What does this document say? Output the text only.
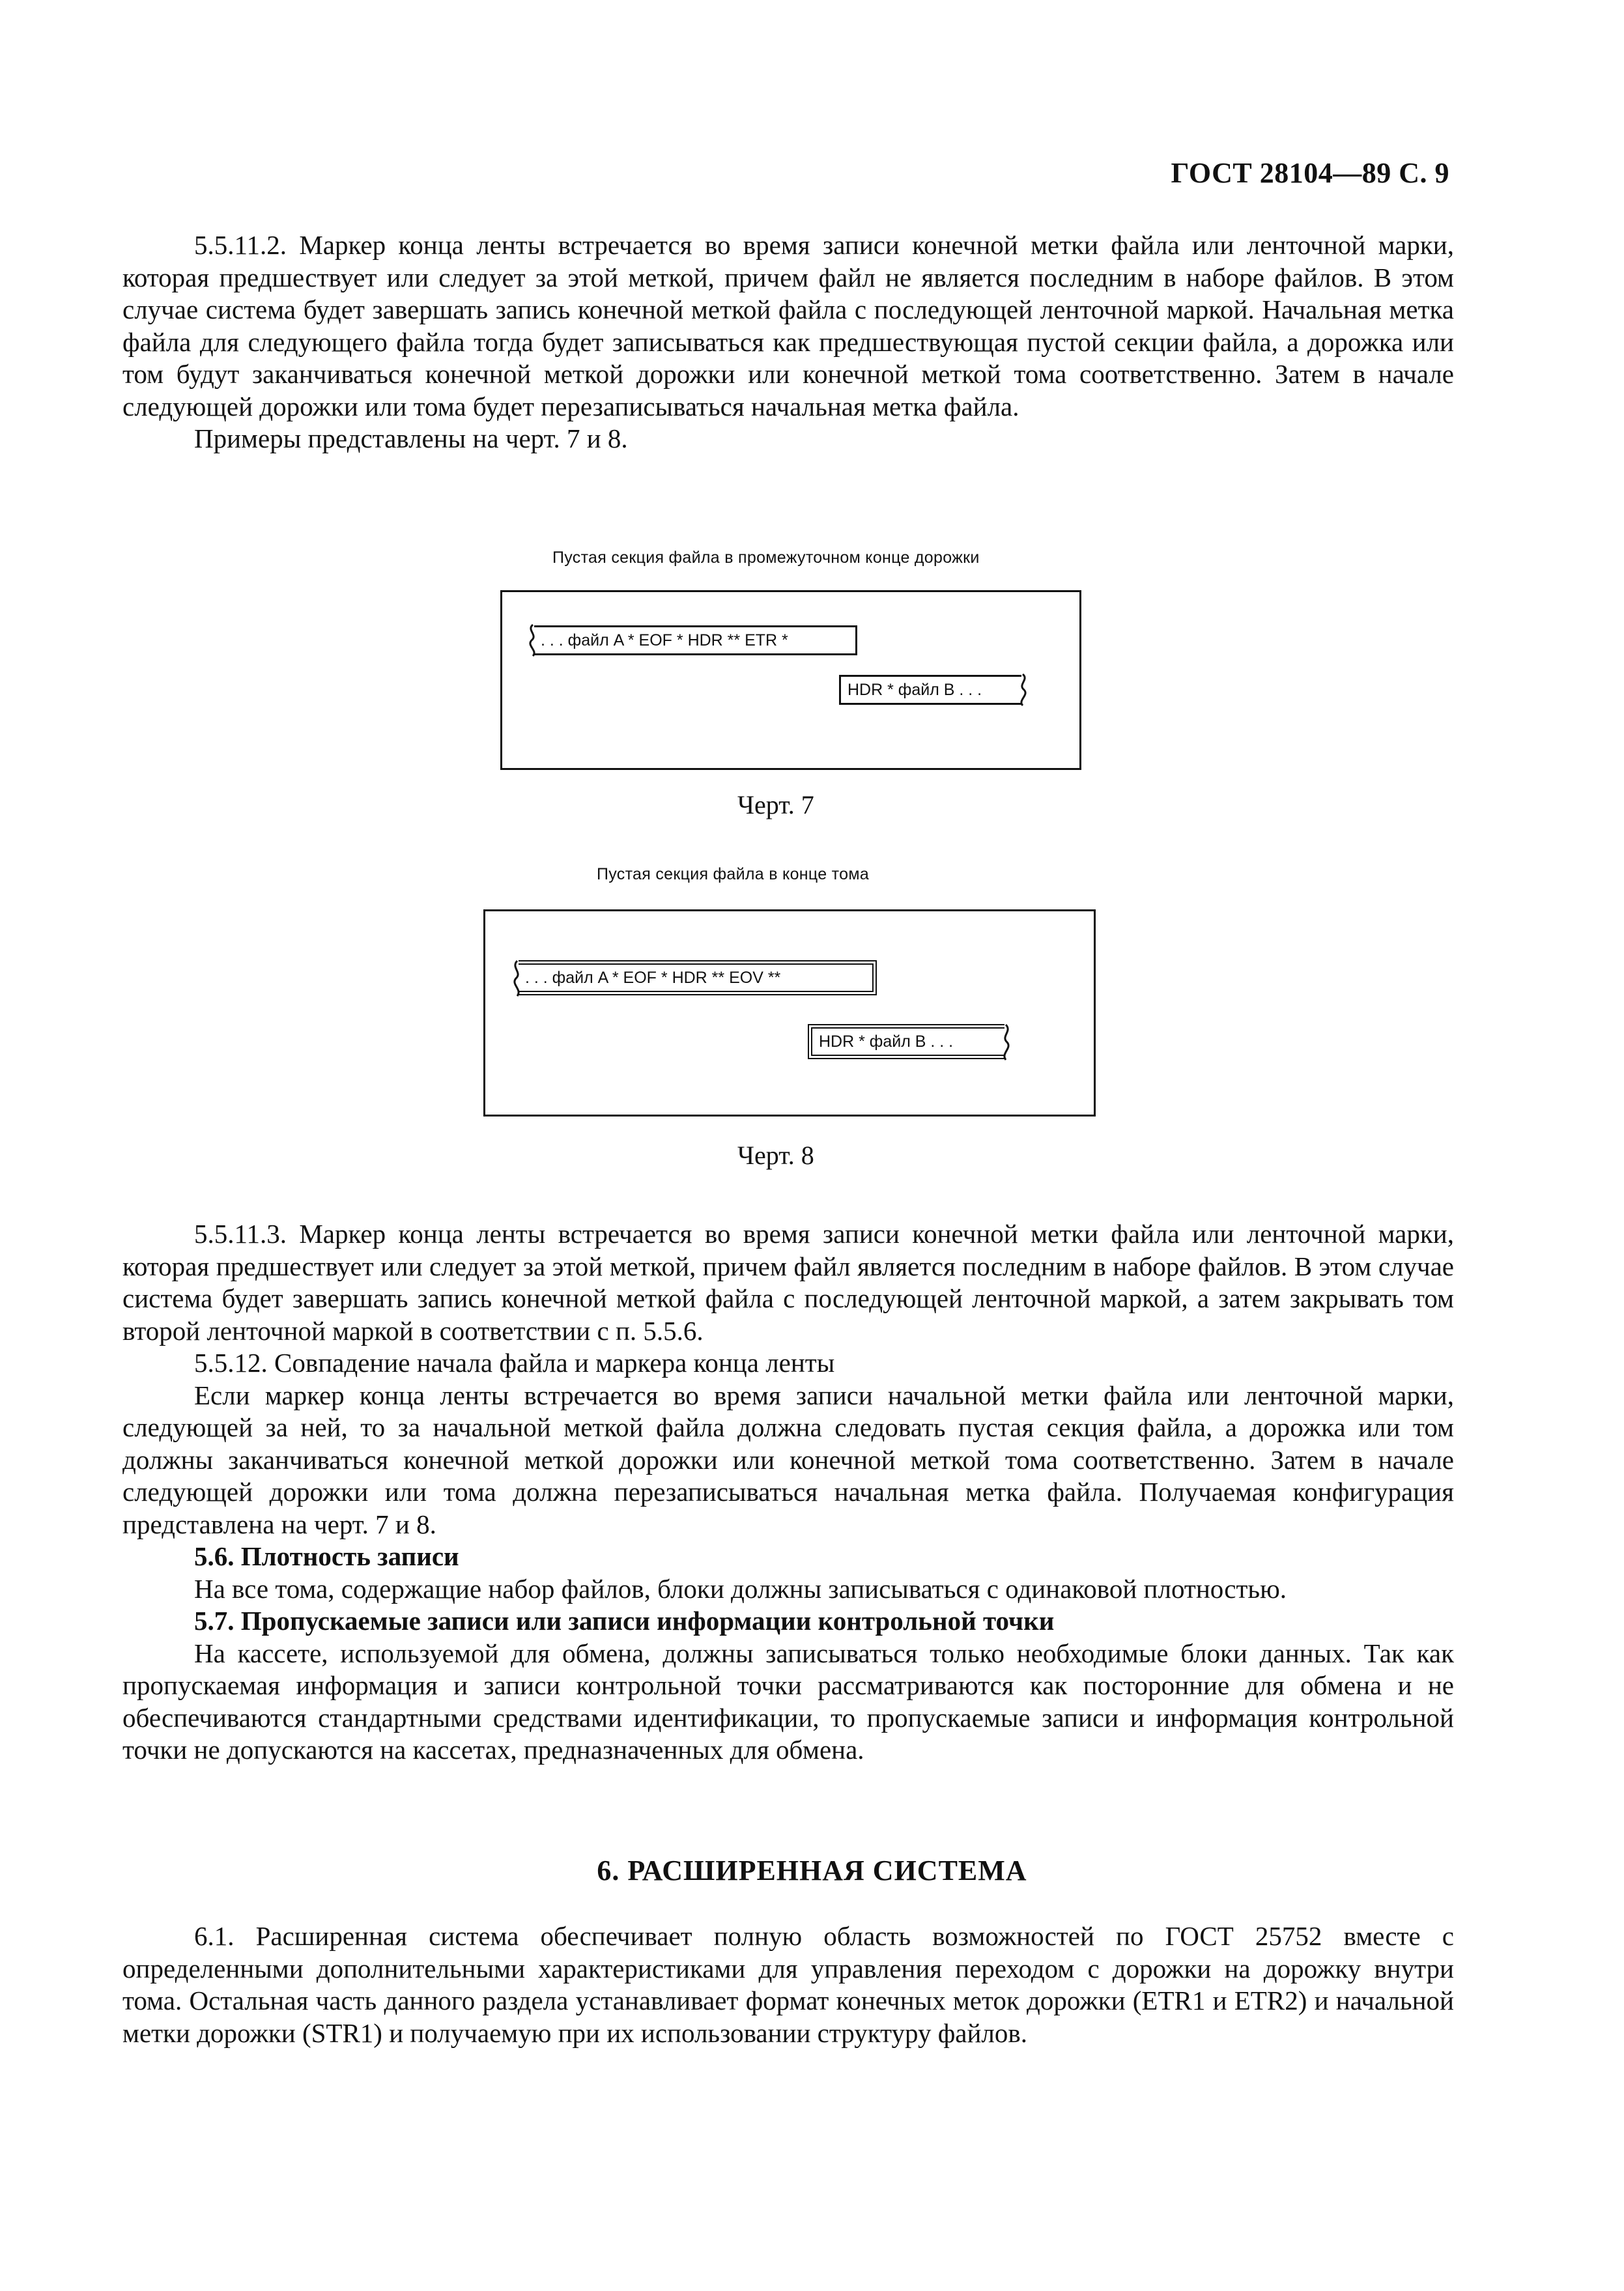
ГОСТ 28104—89 С. 9

5.5.11.2. Маркер конца ленты встречается во время записи конечной метки файла или ленточной марки, которая предшествует или следует за этой меткой, причем файл не является последним в наборе файлов. В этом случае система будет завершать запись конечной меткой файла с последующей ленточной маркой. Начальная метка файла для следующего файла тогда будет записываться как предшествующая пустой секции файла, а дорожка или том будут заканчиваться конечной меткой дорожки или конечной меткой тома соответственно. Затем в начале следующей дорожки или тома будет перезаписываться начальная метка файла.

Примеры представлены на черт. 7 и 8.

Пустая секция файла в промежуточном конце дорожки
. . . файл A * EOF * HDR ** ETR *
HDR * файл B . . .
Черт. 7
Пустая секция файла в конце тома
. . . файл A * EOF * HDR ** EOV **
HDR * файл B . . .
Черт. 8

5.5.11.3. Маркер конца ленты встречается во время записи конечной метки файла или ленточной марки, которая предшествует или следует за этой меткой, причем файл является последним в наборе файлов. В этом случае система будет завершать запись конечной меткой файла с последующей ленточной маркой, а затем закрывать том второй ленточной маркой в соответствии с п. 5.5.6.

5.5.12. Совпадение начала файла и маркера конца ленты

Если маркер конца ленты встречается во время записи начальной метки файла или ленточной марки, следующей за ней, то за начальной меткой файла должна следовать пустая секция файла, а дорожка или том должны заканчиваться конечной меткой дорожки или конечной меткой тома соответственно. Затем в начале следующей дорожки или тома должна перезаписываться начальная метка файла. Получаемая конфигурация представлена на черт. 7 и 8.

5.6. Плотность записи

На все тома, содержащие набор файлов, блоки должны записываться с одинаковой плотностью.

5.7. Пропускаемые записи или записи информации контрольной точки

На кассете, используемой для обмена, должны записываться только необходимые блоки данных. Так как пропускаемая информация и записи контрольной точки рассматриваются как посторонние для обмена и не обеспечиваются стандартными средствами идентификации, то пропускаемые записи и информация контрольной точки не допускаются на кассетах, предназначенных для обмена.

6. РАСШИРЕННАЯ СИСТЕМА

6.1. Расширенная система обеспечивает полную область возможностей по ГОСТ 25752 вместе с определенными дополнительными характеристиками для управления переходом с дорожки на дорожку внутри тома. Остальная часть данного раздела устанавливает формат конечных меток дорожки (ETR1 и ETR2) и начальной метки дорожки (STR1) и получаемую при их использовании структуру файлов.
